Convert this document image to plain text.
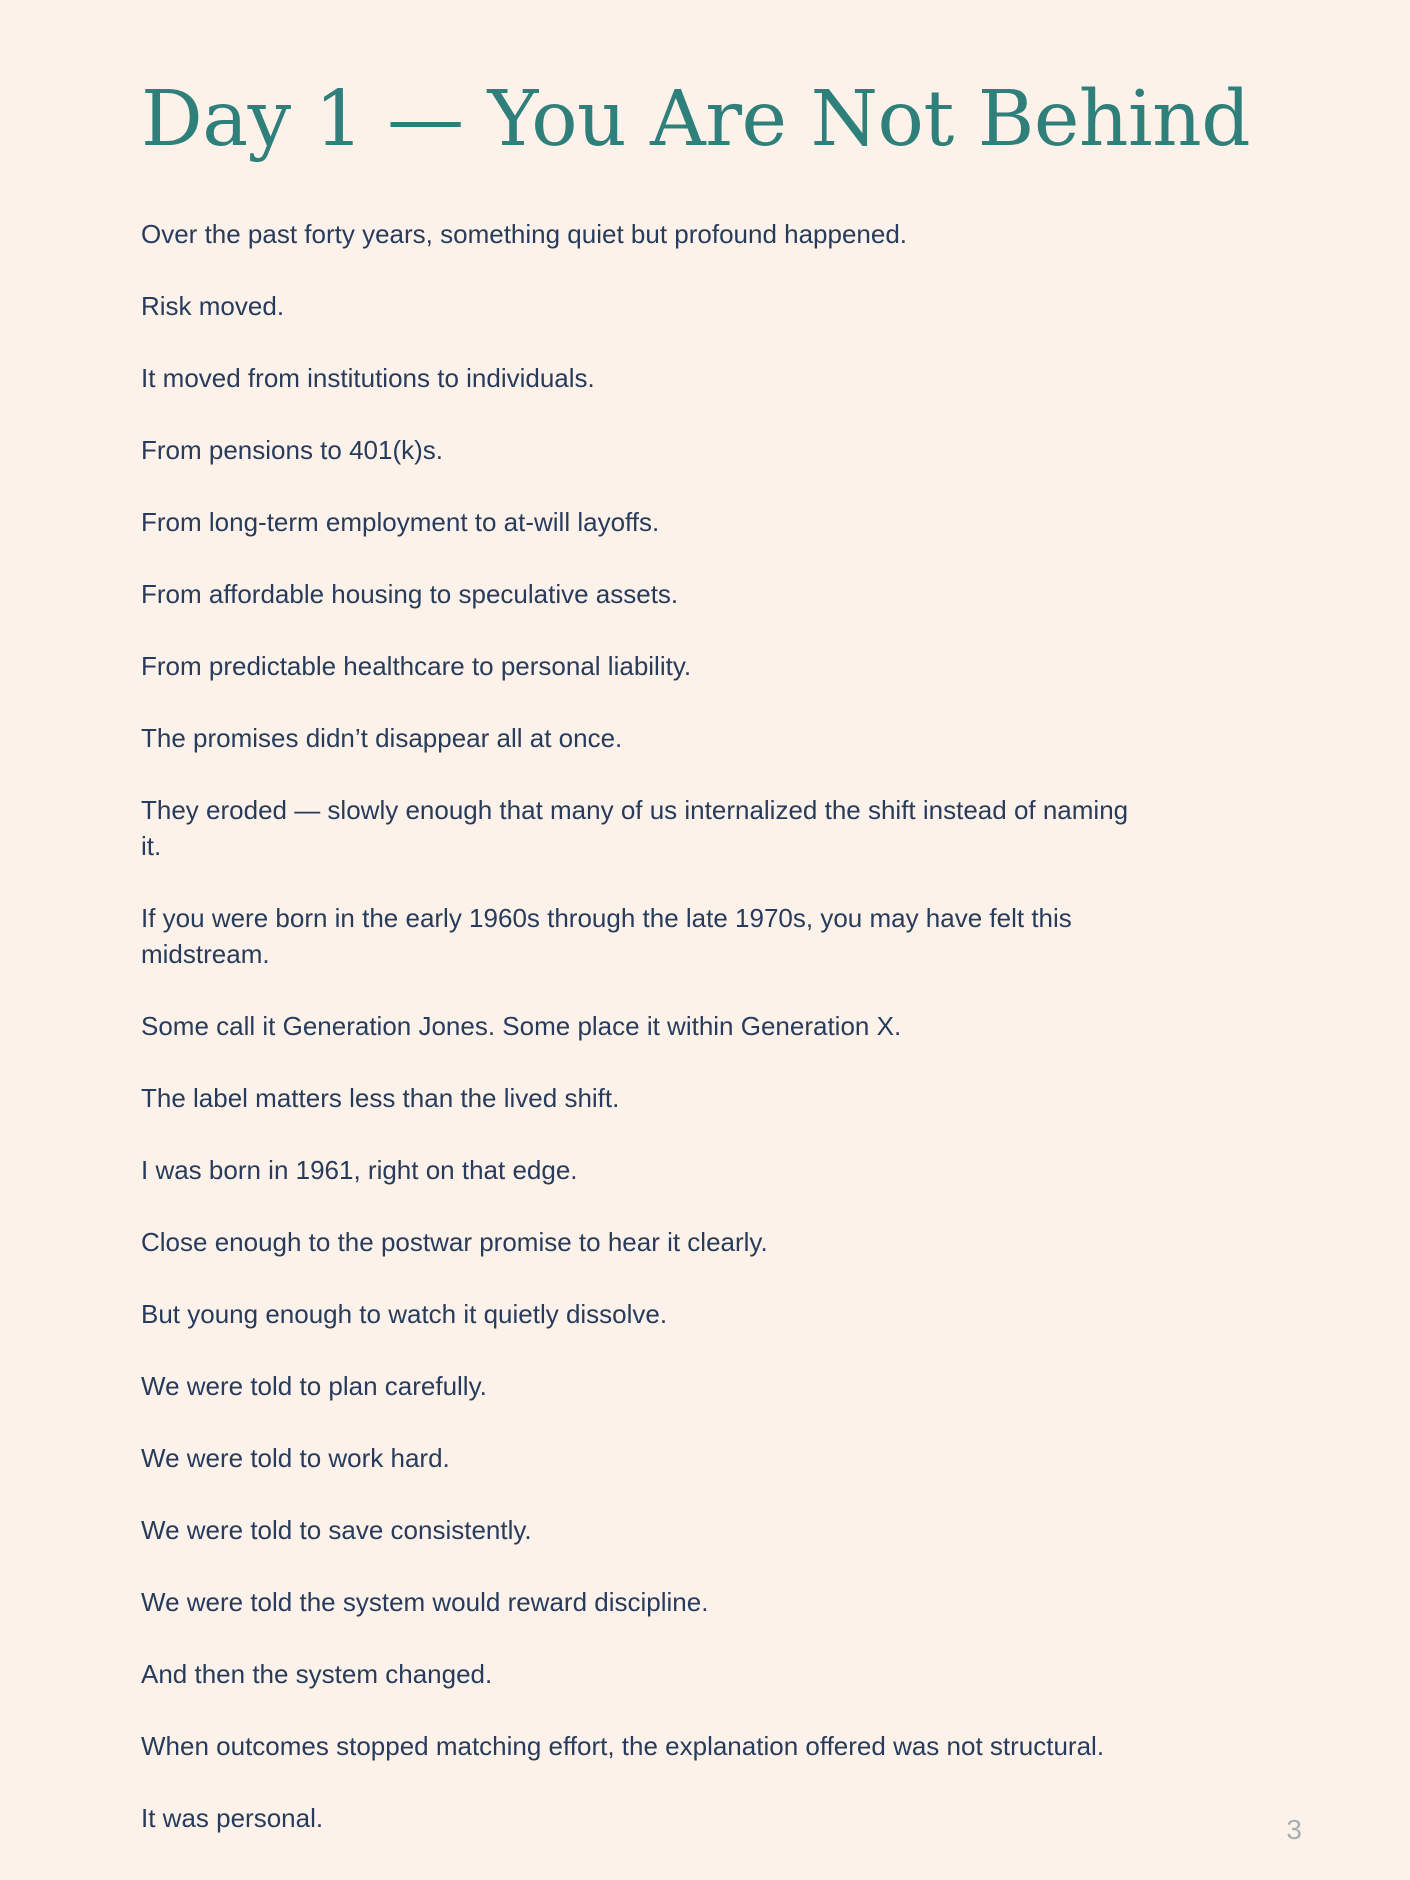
Day 1 — You Are Not Behind

Over the past forty years, something quiet but profound happened.

Risk moved.

It moved from institutions to individuals.

From pensions to 401(k)s.

From long-term employment to at-will layoffs.

From affordable housing to speculative assets.

From predictable healthcare to personal liability.

The promises didn’t disappear all at once.

They eroded — slowly enough that many of us internalized the shift instead of naming it.

If you were born in the early 1960s through the late 1970s, you may have felt this midstream.

Some call it Generation Jones. Some place it within Generation X.

The label matters less than the lived shift.

I was born in 1961, right on that edge.

Close enough to the postwar promise to hear it clearly.

But young enough to watch it quietly dissolve.

We were told to plan carefully.

We were told to work hard.

We were told to save consistently.

We were told the system would reward discipline.

And then the system changed.

When outcomes stopped matching effort, the explanation offered was not structural.

It was personal.	3
